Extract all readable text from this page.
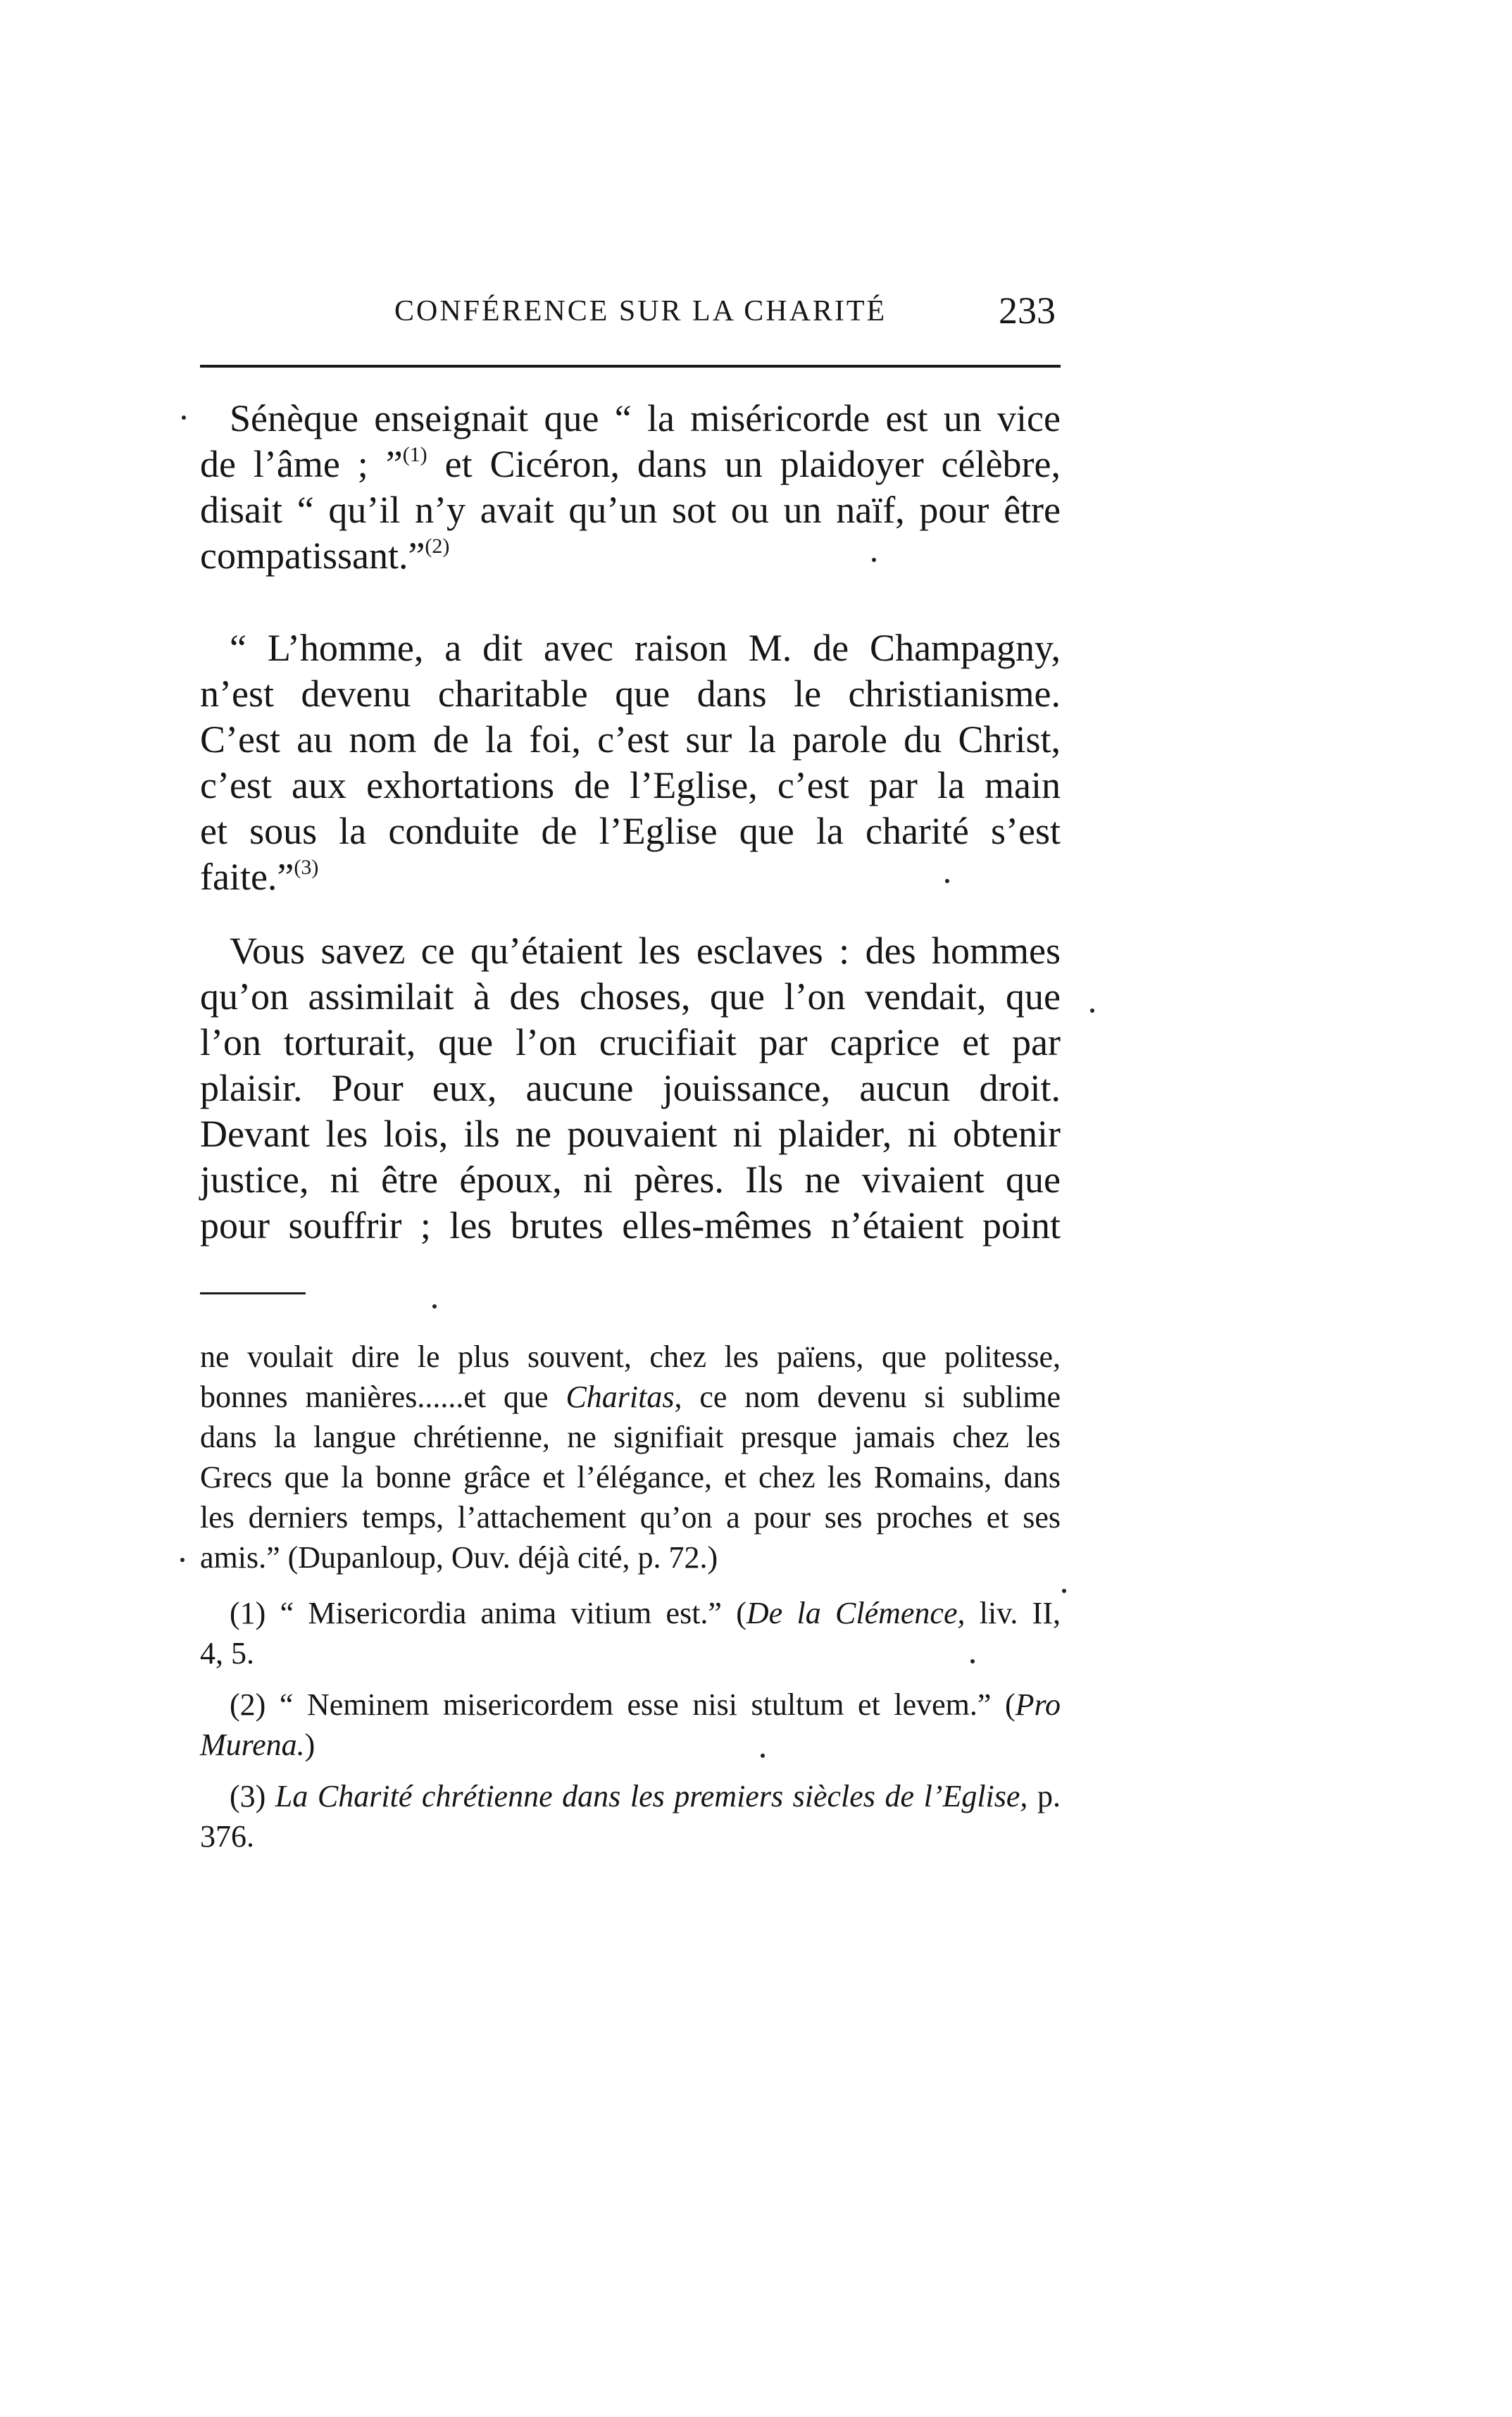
CONFÉRENCE SUR LA CHARITÉ	233
Sénèque enseignait que “ la miséricorde est un vice
de l’âme ; ”$^{(1)}$ et Cicéron, dans un plaidoyer célèbre,
disait “ qu’il n’y avait qu’un sot ou un naïf, pour être
compatissant.”$^{(2)}$
“ L’homme, a dit avec raison M. de Champagny,
n’est devenu charitable que dans le christianisme.
C’est au nom de la foi, c’est sur la parole du Christ,
c’est aux exhortations de l’Eglise, c’est par la main
et sous la conduite de l’Eglise que la charité s’est
faite.”$^{(3)}$
Vous savez ce qu’étaient les esclaves : des hommes
qu’on assimilait à des choses, que l’on vendait, que
l’on torturait, que l’on crucifiait par caprice et par
plaisir. Pour eux, aucune jouissance, aucun droit.
Devant les lois, ils ne pouvaient ni plaider, ni obtenir
justice, ni être époux, ni pères. Ils ne vivaient que
pour souffrir ; les brutes elles-mêmes n’étaient point
ne voulait dire le plus souvent, chez les païens, que politesse,
bonnes manières......et que Charitas, ce nom devenu si sublime
dans la langue chrétienne, ne signifiait presque jamais chez les
Grecs que la bonne grâce et l’élégance, et chez les Romains, dans
les derniers temps, l’attachement qu’on a pour ses proches et ses
amis.” (Dupanloup, Ouv. déjà cité, p. 72.)
(1) “ Misericordia anima vitium est.” (De la Clémence, liv. II,
4, 5.
(2) “ Neminem misericordem esse nisi stultum et levem.” (Pro
Murena.)
(3) La Charité chrétienne dans les premiers siècles de l’Eglise, p.
376.
